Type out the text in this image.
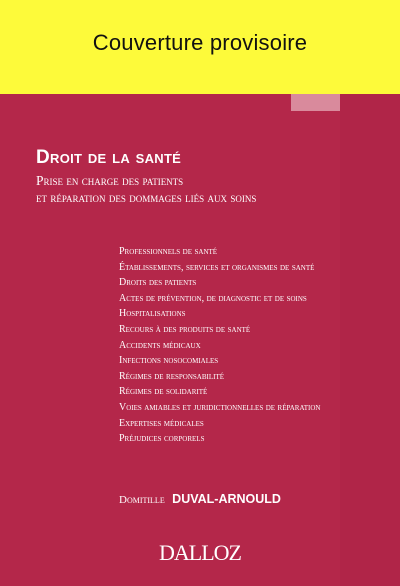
Couverture provisoire
Droit de la santé
Prise en charge des patients
et réparation des dommages liés aux soins
Professionnels de santé
Établissements, services et organismes de santé
Droits des patients
Actes de prévention, de diagnostic et de soins
Hospitalisations
Recours à des produits de santé
Accidents médicaux
Infections nosocomiales
Régimes de responsabilité
Régimes de solidarité
Voies amiables et juridictionnelles de réparation
Expertises médicales
Préjudices corporels
Domitille DUVAL-ARNOULD
DALLOZ
